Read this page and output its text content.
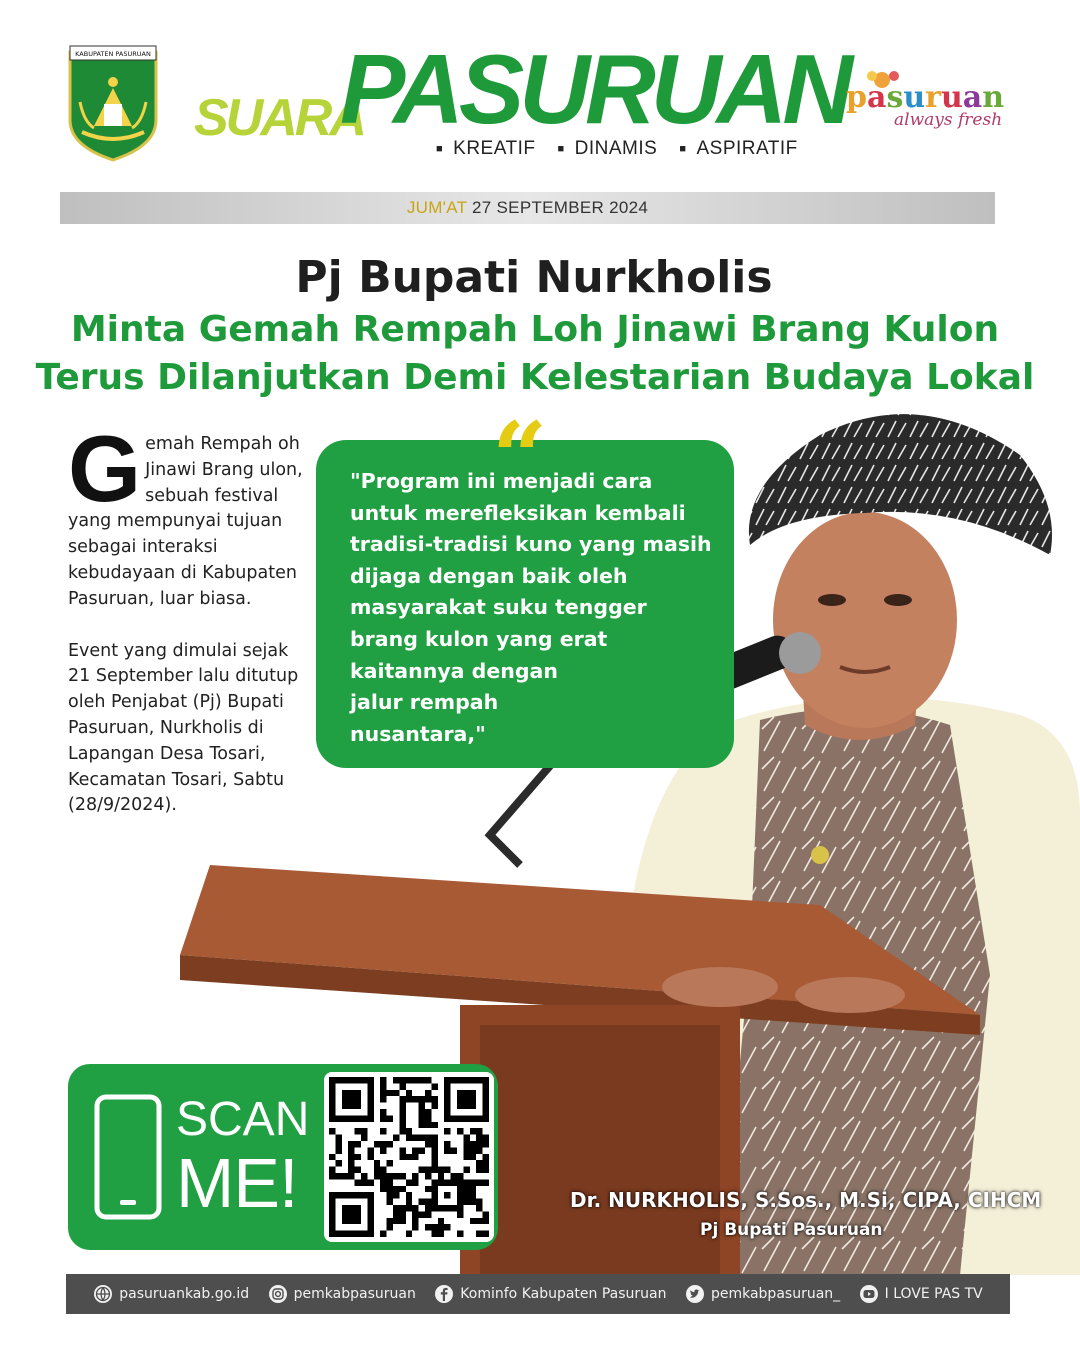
KABUPATEN PASURUAN
SUARA
PASURUAN
■ KREATIF	■ DINAMIS	■ ASPIRATIF
pasuruan
always fresh
JUM'AT 27 SEPTEMBER 2024
Pj Bupati Nurkholis
Minta Gemah Rempah Loh Jinawi Brang Kulon
Terus Dilanjutkan Demi Kelestarian Budaya Lokal
G emah Rempah oh Jinawi Brang ulon, sebuah festival yang mempunyai tujuan sebagai interaksi kebudayaan di Kabupaten Pasuruan, luar biasa.
Event yang dimulai sejak 21 September lalu ditutup oleh Penjabat (Pj) Bupati Pasuruan, Nurkholis di Lapangan Desa Tosari, Kecamatan Tosari, Sabtu (28/9/2024).
"Program ini menjadi cara
untuk merefleksikan kembali
tradisi-tradisi kuno yang masih
dijaga dengan baik oleh
masyarakat suku tengger
brang kulon yang erat
kaitannya dengan
jalur rempah
nusantara,"
“
Dr. NURKHOLIS, S.Sos., M.Si, CIPA, CIHCM
Pj Bupati Pasuruan
SCAN
ME!
pasuruankab.go.id	pemkabpasuruan	Kominfo Kabupaten Pasuruan	pemkabpasuruan_	I LOVE PAS TV
